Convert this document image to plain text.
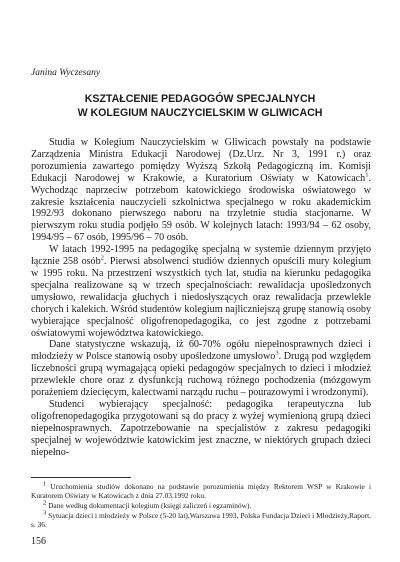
Janina Wyczesany

KSZTAŁCENIE PEDAGOGÓW SPECJALNYCH
W KOLEGIUM NAUCZYCIELSKIM W GLIWICACH

Studia w Kolegium Nauczycielskim w Gliwicach powstały na podstawie Zarządzenia Ministra Edukacji Narodowej (Dz.Urz. Nr 3, 1991 r.) oraz porozumienia zawartego pomiędzy Wyższą Szkołą Pedagogiczną im. Komisji Edukacji Narodowej w Krakowie, a Kuratorium Oświaty w Katowicach$^1$. Wychodząc naprzeciw potrzebom katowickiego środowiska oświatowego w zakresie kształcenia nauczycieli szkolnictwa specjalnego w roku akademickim 1992/93 dokonano pierwszego naboru na trzyletnie studia stacjonarne. W pierwszym roku studia podjęło 59 osób. W kolejnych latach: 1993/94 – 62 osoby, 1994/95 – 67 osób, 1995/96 – 70 osób.

W latach 1992-1995 na pedagogikę specjalną w systemie dziennym przyjęto łącznie 258 osób$^2$. Pierwsi absolwenci studiów dziennych opuścili mury kolegium w 1995 roku. Na przestrzeni wszystkich tych lat, studia na kierunku pedagogika specjalna realizowane są w trzech specjalnościach: rewalidacja upośledzonych umysłowo, rewalidacja głuchych i niedosłyszących oraz rewalidacja przewlekle chorych i kalekich. Wśród studentów kolegium najliczniejszą grupę stanowią osoby wybierające specjalność oligofrenopedagogika, co jest zgodne z potrzebami oświatowymi województwa katowickiego.

Dane statystyczne wskazują, iż 60-70% ogółu niepełnosprawnych dzieci i młodzieży w Polsce stanowią osoby upośledzone umysłowo$^3$. Drugą pod względem liczebności grupą wymagającą opieki pedagogów specjalnych to dzieci i młodzież przewlekle chore oraz z dysfunkcją ruchową różnego pochodzenia (mózgowym porażeniem dziecięcym, kalectwami narządu ruchu – pourazowymi i wrodzonymi).

Studenci wybierający specjalność: pedagogika terapeutyczna lub oligofrenopedagogika przygotowani są do pracy z wyżej wymienioną grupą dzieci niepełnosprawnych. Zapotrzebowanie na specjalistów z zakresu pedagogiki specjalnej w województwie katowickim jest znaczne, w niektórych grupach dzieci niepełno-

$^1$ Uruchomienia studiów dokonano na podstawie porozumienia między Rektorem WSP w Krakowie i Kuratorem Oświaty w Katowicach z dnia 27.03.1992 roku.

$^2$ Dane według dokumentacji kolegium (księgi zaliczeń i egzaminów).

$^3$ Sytuacja dzieci i młodzieży w Polsce (5-20 lat),Warszawa 1993, Polska Fundacja Dzieci i Młodzieży,Raport, s. 36.

156
